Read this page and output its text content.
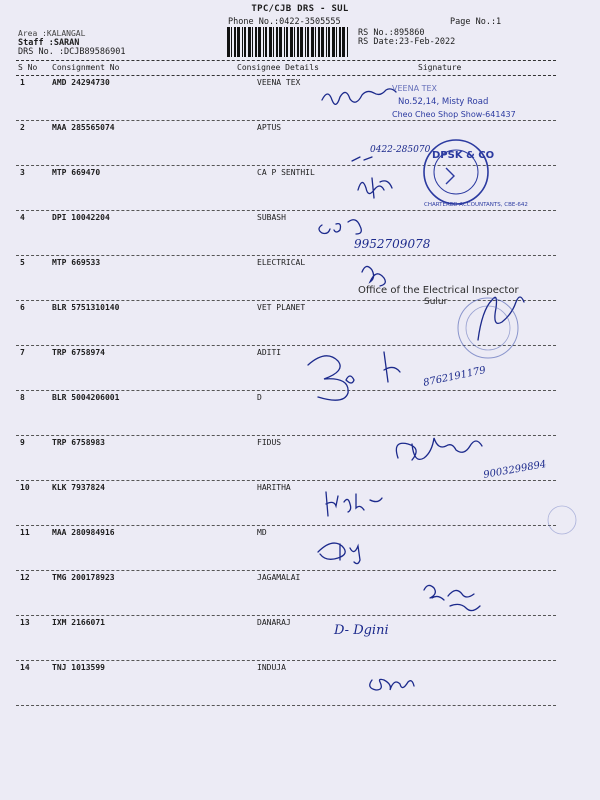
TPC/CJB DRS - SUL
Phone No.:0422-3505555	Page No.:1
Area :KALANGAL
Staff :SARAN
DRS No. :DCJB89586901
RS No.:895860
RS Date:23-Feb-2022
S No Consignment No	Consignee Details	Signature
1	AMD 24294730	VEENA TEX
2	MAA 285565074	APTUS
3	MTP 669470	CA P SENTHIL
4	DPI 10042204	SUBASH
5	MTP 669533	ELECTRICAL
6	BLR 5751310140	VET PLANET
7	TRP 6758974	ADITI
8	BLR 5004206001	D
9	TRP 6758983	FIDUS
10	KLK 7937824	HARITHA
11	MAA 280984916	MD
12	TMG 200178923	JAGAMALAI
13	IXM 2166071	DANARAJ
14	TNJ 1013599	INDUJA
VEENA TEX
No.52,14, Misty Road
Cheo Cheo Shop Show-641437
0422-285070 DPSK & CO
CHARTERED ACCOUNTANTS, CBE-642
9952709078
Office of the Electrical Inspector
Sulur
8762191179
9003299894
D- Dgini
